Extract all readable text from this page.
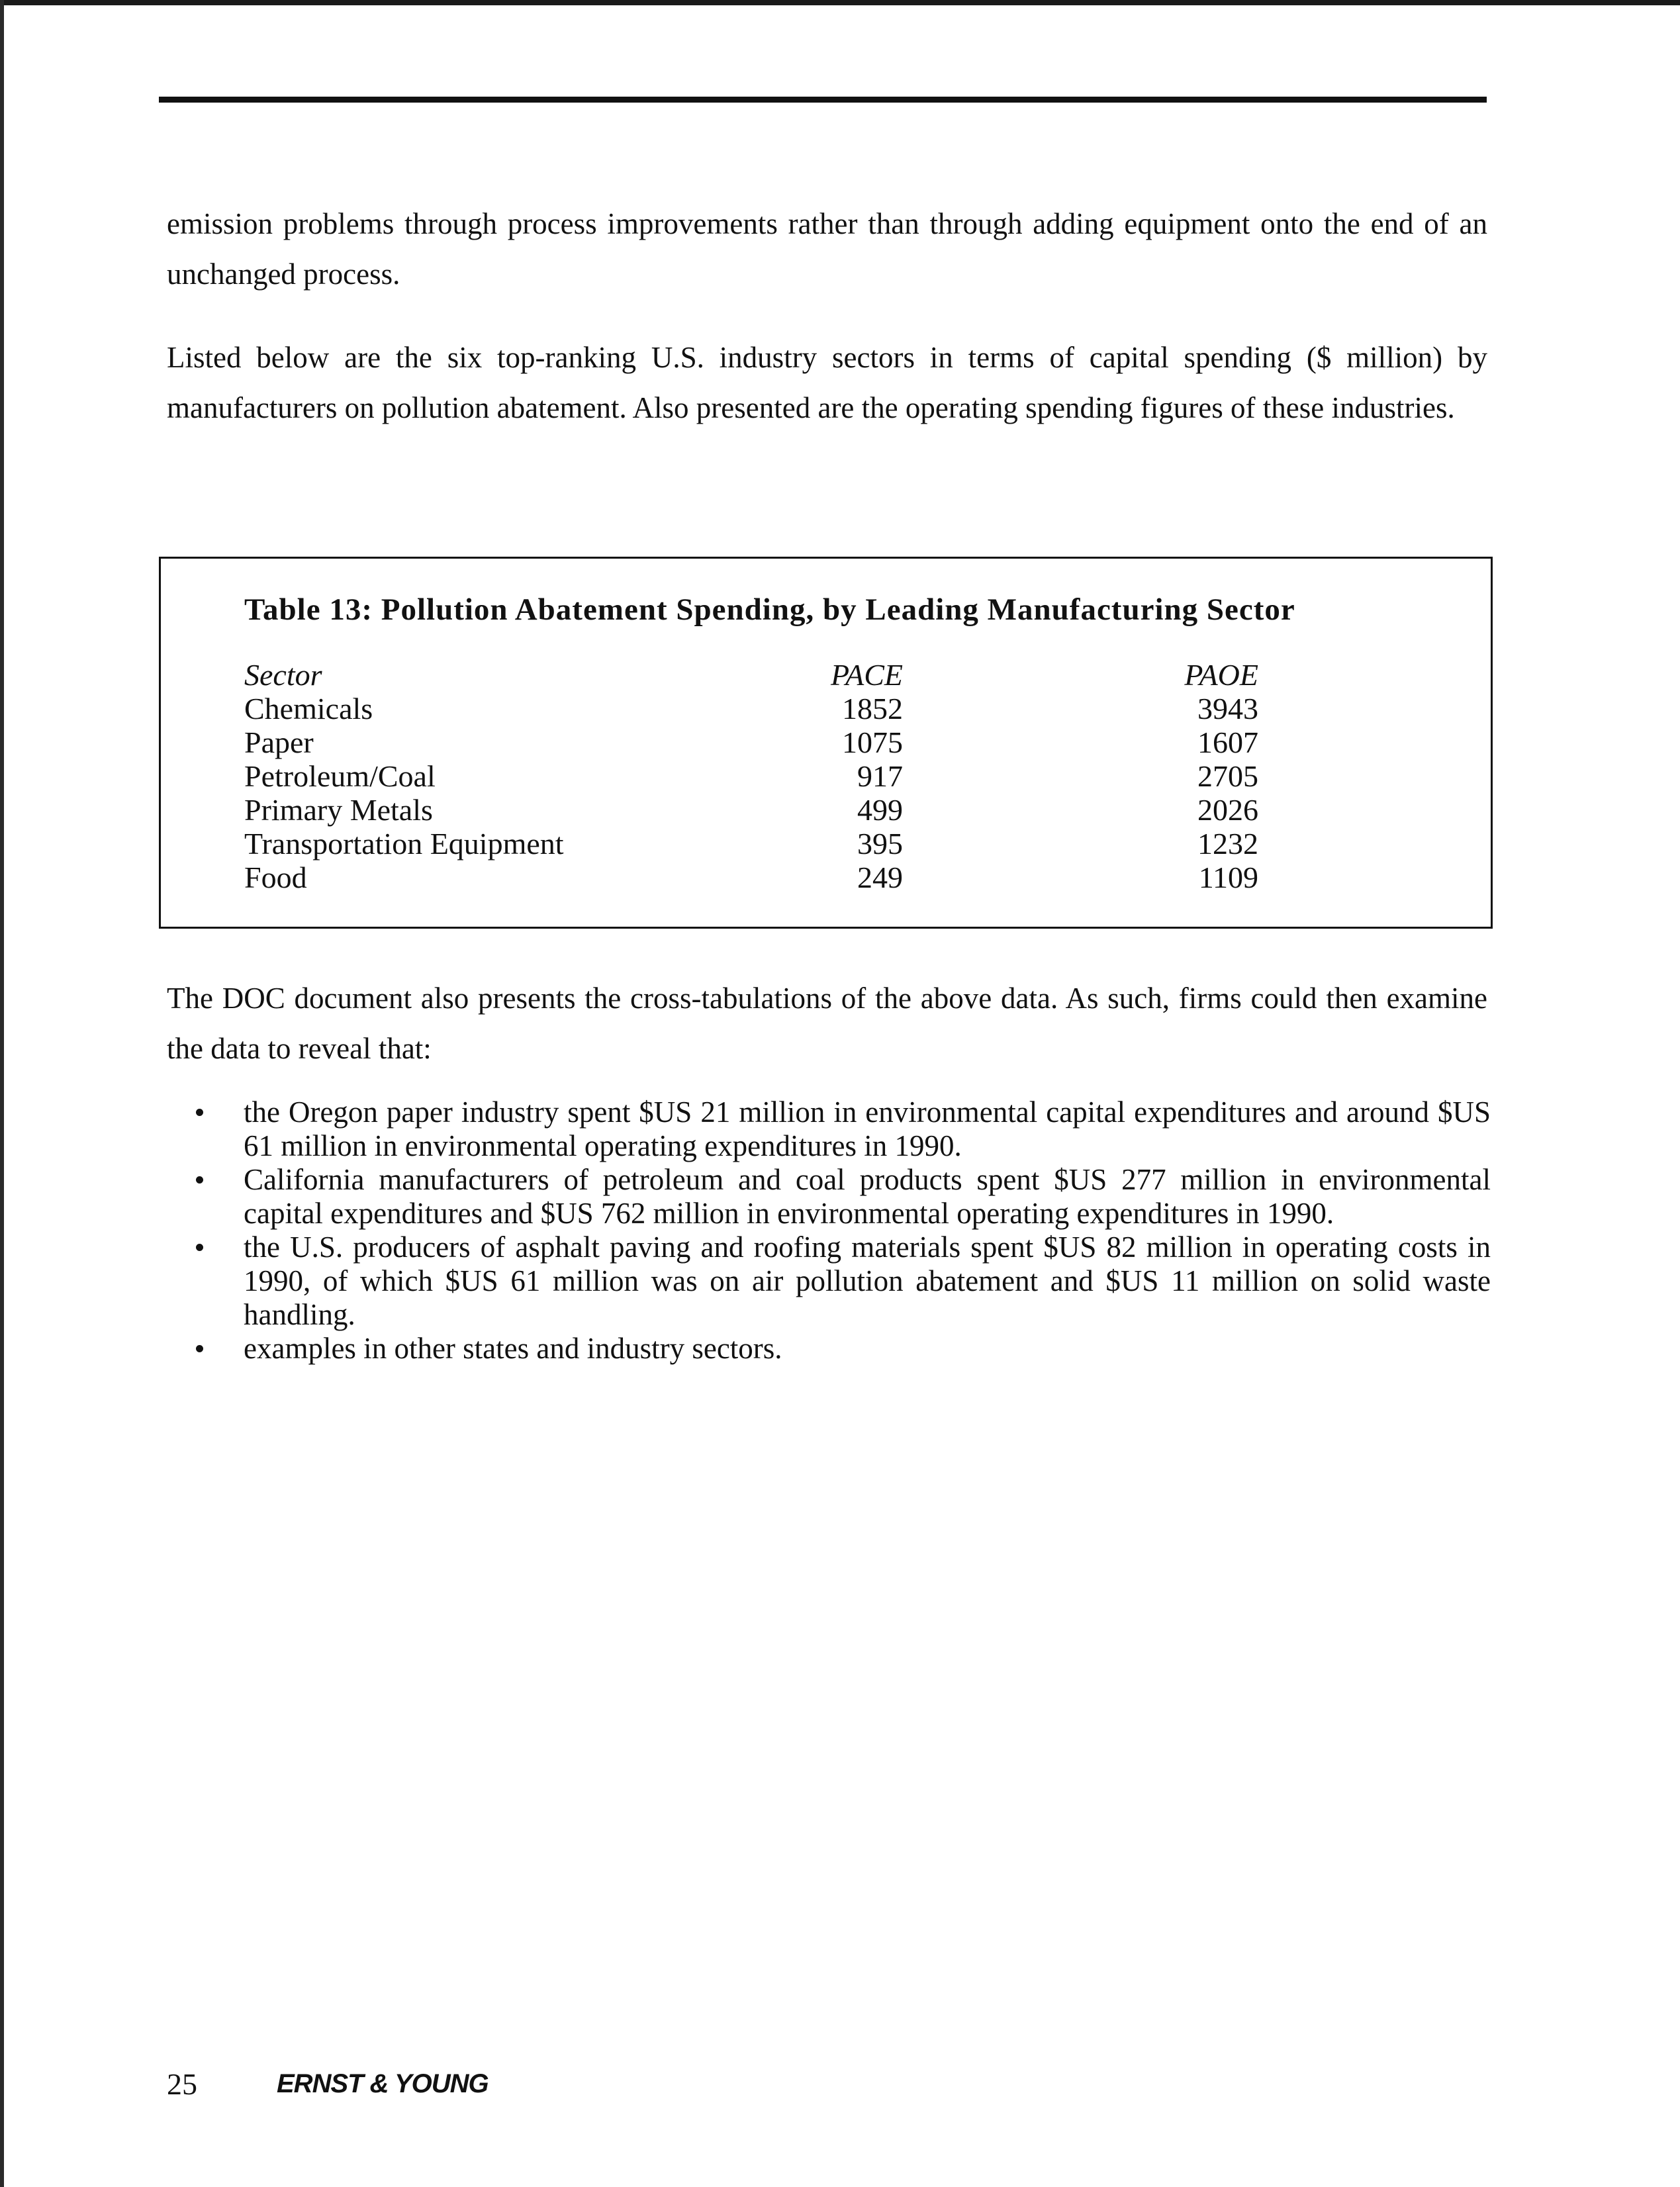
emission problems through process improvements rather than through adding equipment onto the end of an unchanged process.

Listed below are the six top-ranking U.S. industry sectors in terms of capital spending ($ million) by manufacturers on pollution abatement. Also presented are the operating spending figures of these industries.

Table 13: Pollution Abatement Spending, by Leading Manufacturing Sector

Sector	PACE	PAOE
Chemicals	1852	3943
Paper	1075	1607
Petroleum/Coal	917	2705
Primary Metals	499	2026
Transportation Equipment	395	1232
Food	249	1109

The DOC document also presents the cross-tabulations of the above data. As such, firms could then examine the data to reveal that:

the Oregon paper industry spent $US 21 million in environmental capital expenditures and around $US 61 million in environmental operating expenditures in 1990.
California manufacturers of petroleum and coal products spent $US 277 million in environmental capital expenditures and $US 762 million in environmental operating expenditures in 1990.
the U.S. producers of asphalt paving and roofing materials spent $US 82 million in operating costs in 1990, of which $US 61 million was on air pollution abatement and $US 11 million on solid waste handling.
examples in other states and industry sectors.
25	ERNST & YOUNG
